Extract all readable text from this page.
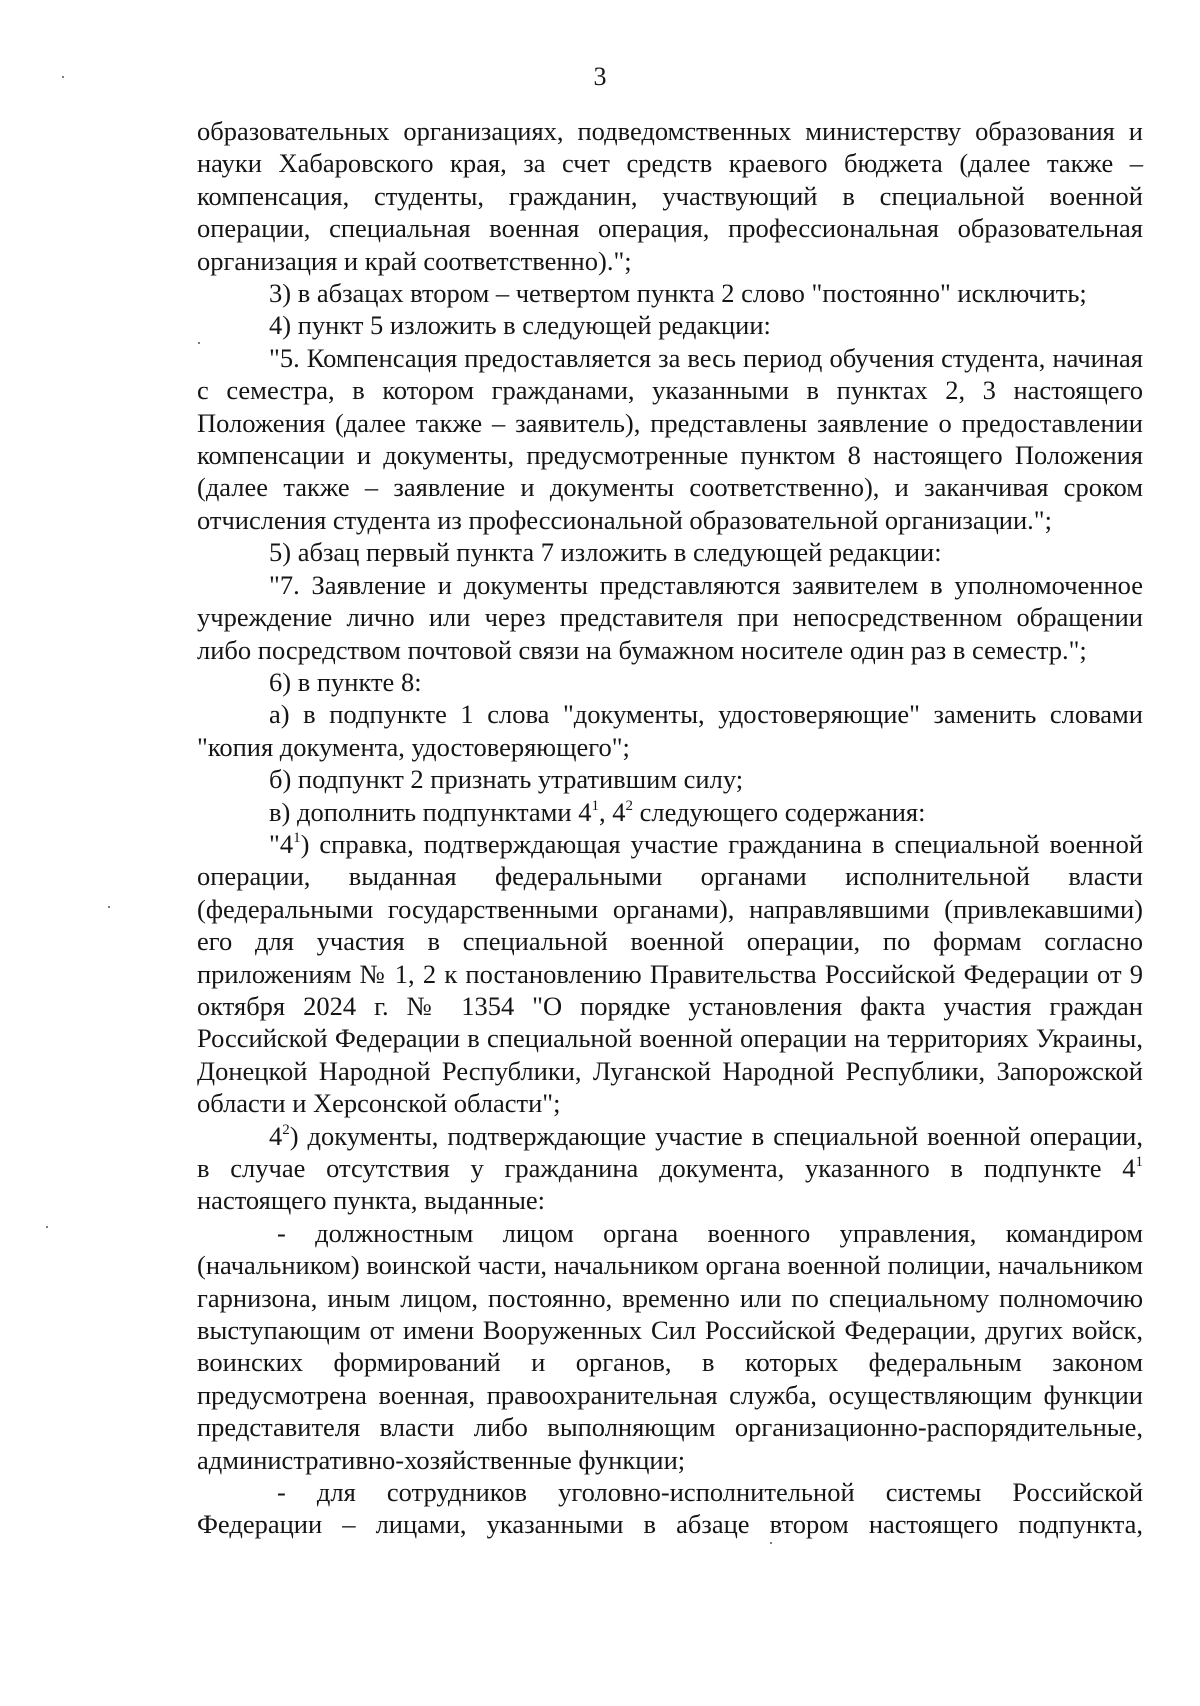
3

образовательных организациях, подведомственных министерству образования и науки Хабаровского края, за счет средств краевого бюджета (далее также – компенсация, студенты, гражданин, участвующий в специальной военной операции, специальная военная операция, профессиональная образовательная организация и край соответственно).";

3) в абзацах втором – четвертом пункта 2 слово "постоянно" исключить;

4) пункт 5 изложить в следующей редакции:

"5. Компенсация предоставляется за весь период обучения студента, начиная с семестра, в котором гражданами, указанными в пунктах 2, 3 настоящего Положения (далее также – заявитель), представлены заявление о предоставлении компенсации и документы, предусмотренные пунктом 8 настоящего Положения (далее также – заявление и документы соответственно), и заканчивая сроком отчисления студента из профессиональной образовательной организации.";

5) абзац первый пункта 7 изложить в следующей редакции:

"7. Заявление и документы представляются заявителем в уполномоченное учреждение лично или через представителя при непосредственном обращении либо посредством почтовой связи на бумажном носителе один раз в семестр.";

6) в пункте 8:

а) в подпункте 1 слова "документы, удостоверяющие" заменить словами "копия документа, удостоверяющего";

б) подпункт 2 признать утратившим силу;

в) дополнить подпунктами $4^1$, $4^2$ следующего содержания:

"$4^1$) справка, подтверждающая участие гражданина в специальной военной операции, выданная федеральными органами исполнительной власти (федеральными государственными органами), направлявшими (привлекавшими) его для участия в специальной военной операции, по формам согласно приложениям № 1, 2 к постановлению Правительства Российской Федерации от 9 октября 2024 г. № 1354 "О порядке установления факта участия граждан Российской Федерации в специальной военной операции на территориях Украины, Донецкой Народной Республики, Луганской Народной Республики, Запорожской области и Херсонской области";

$4^2$) документы, подтверждающие участие в специальной военной операции, в случае отсутствия у гражданина документа, указанного в подпункте $4^1$ настоящего пункта, выданные:

- должностным лицом органа военного управления, командиром (начальником) воинской части, начальником органа военной полиции, начальником гарнизона, иным лицом, постоянно, временно или по специальному полномочию выступающим от имени Вооруженных Сил Российской Федерации, других войск, воинских формирований и органов, в которых федеральным законом предусмотрена военная, правоохранительная служба, осуществляющим функции представителя власти либо выполняющим организационно-распорядительные, административно-хозяйственные функции;

- для сотрудников уголовно-исполнительной системы Российской Федерации – лицами, указанными в абзаце втором настоящего подпункта,
